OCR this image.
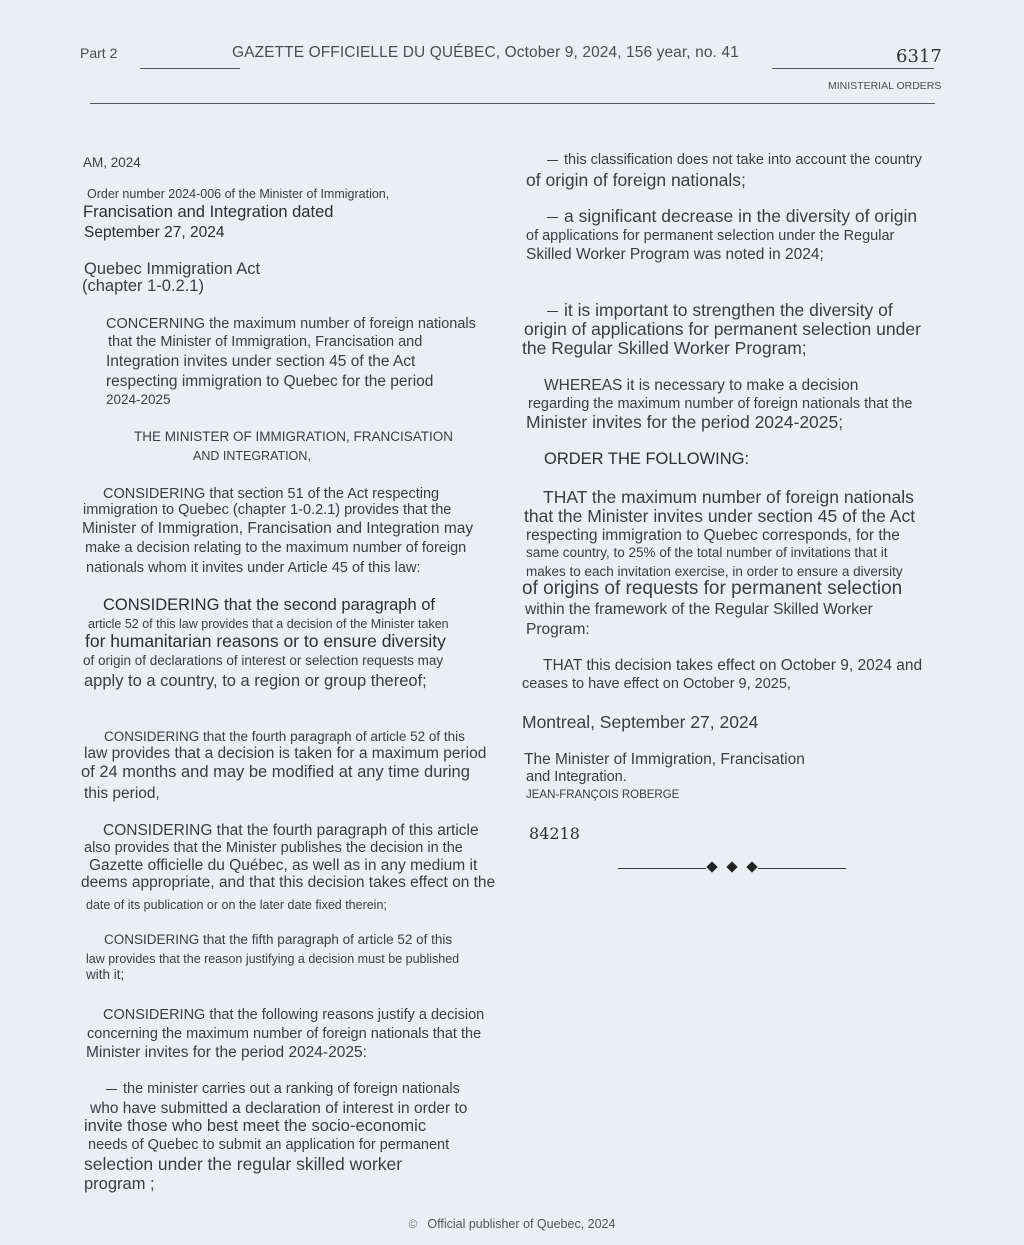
Part 2	GAZETTE OFFICIELLE DU QUÉBEC, October 9, 2024, 156 year, no. 41	6317
MINISTERIAL ORDERS
AM, 2024
Order number 2024-006 of the Minister of Immigration,
Francisation and Integration dated
September 27, 2024
Quebec Immigration Act
(chapter 1-0.2.1)
CONCERNING the maximum number of foreign nationals
that the Minister of Immigration, Francisation and
Integration invites under section 45 of the Act
respecting immigration to Quebec for the period
2024-2025
THE MINISTER OF IMMIGRATION, FRANCISATION
AND INTEGRATION,
CONSIDERING that section 51 of the Act respecting
immigration to Quebec (chapter 1-0.2.1) provides that the
Minister of Immigration, Francisation and Integration may
make a decision relating to the maximum number of foreign
nationals whom it invites under Article 45 of this law:
CONSIDERING that the second paragraph of
article 52 of this law provides that a decision of the Minister taken
for humanitarian reasons or to ensure diversity
of origin of declarations of interest or selection requests may
apply to a country, to a region or group thereof;
CONSIDERING that the fourth paragraph of article 52 of this
law provides that a decision is taken for a maximum period
of 24 months and may be modified at any time during
this period,
CONSIDERING that the fourth paragraph of this article
also provides that the Minister publishes the decision in the
Gazette officielle du Québec, as well as in any medium it
deems appropriate, and that this decision takes effect on the
date of its publication or on the later date fixed therein;
CONSIDERING that the fifth paragraph of article 52 of this
law provides that the reason justifying a decision must be published
with it;
CONSIDERING that the following reasons justify a decision
concerning the maximum number of foreign nationals that the
Minister invites for the period 2024-2025:
the minister carries out a ranking of foreign nationals
who have submitted a declaration of interest in order to
invite those who best meet the socio-economic
needs of Quebec to submit an application for permanent
selection under the regular skilled worker
program ;
this classification does not take into account the country
of origin of foreign nationals;
a significant decrease in the diversity of origin
of applications for permanent selection under the Regular
Skilled Worker Program was noted in 2024;
it is important to strengthen the diversity of
origin of applications for permanent selection under
the Regular Skilled Worker Program;
WHEREAS it is necessary to make a decision
regarding the maximum number of foreign nationals that the
Minister invites for the period 2024-2025;
ORDER THE FOLLOWING:
THAT the maximum number of foreign nationals
that the Minister invites under section 45 of the Act
respecting immigration to Quebec corresponds, for the
same country, to 25% of the total number of invitations that it
makes to each invitation exercise, in order to ensure a diversity
of origins of requests for permanent selection
within the framework of the Regular Skilled Worker
Program:
THAT this decision takes effect on October 9, 2024 and
ceases to have effect on October 9, 2025,
Montreal, September 27, 2024
The Minister of Immigration, Francisation
and Integration.
JEAN-FRANÇOIS ROBERGE
84218
© Official publisher of Quebec, 2024
